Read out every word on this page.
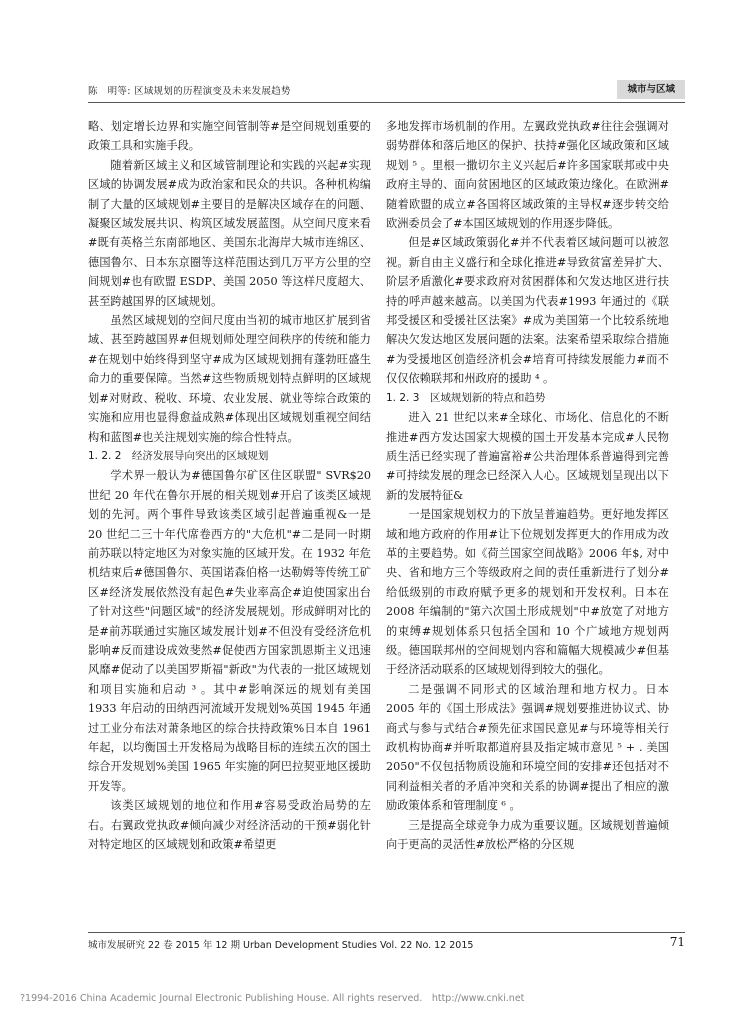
陈　明等: 区域规划的历程演变及未来发展趋势	城市与区域

略、划定增长边界和实施空间管制等#是空间规划重要的政策工具和实施手段。

随着新区域主义和区域管制理论和实践的兴起#实现区域的协调发展#成为政治家和民众的共识。各种机构编制了大量的区域规划#主要目的是解决区域存在的问题、凝聚区域发展共识、构筑区域发展蓝图。从空间尺度来看#既有英格兰东南部地区、美国东北海岸大城市连绵区、德国鲁尔、日本东京圈等这样范围达到几万平方公里的空间规划#也有欧盟 ESDP、美国 2050 等这样尺度超大、甚至跨越国界的区域规划。

虽然区域规划的空间尺度由当初的城市地区扩展到省域、甚至跨越国界#但规划师处理空间秩序的传统和能力#在规划中始终得到坚守#成为区域规划拥有蓬勃旺盛生命力的重要保障。当然#这些物质规划特点鲜明的区域规划#对财政、税收、环境、农业发展、就业等综合政策的实施和应用也显得愈益成熟#体现出区域规划重视空间结构和蓝图#也关注规划实施的综合性特点。

1. 2. 2　经济发展导向突出的区域规划

学术界一般认为#德国鲁尔矿区住区联盟" SVR$20 世纪 20 年代在鲁尔开展的相关规划#开启了该类区域规划的先河。两个事件导致该类区域引起普遍重视&一是 20 世纪二三十年代席卷西方的"大危机"#二是同一时期前苏联以特定地区为对象实施的区域开发。在 1932 年危机结束后#德国鲁尔、英国诺森伯格一达勒姆等传统工矿区#经济发展依然没有起色#失业率高企#迫使国家出台了针对这些"问题区域"的经济发展规划。形成鲜明对比的是#前苏联通过实施区域发展计划#不但没有受经济危机影响#反而建设成效斐然#促使西方国家凯恩斯主义迅速风靡#促动了以美国罗斯福"新政"为代表的一批区域规划和项目实施和启动 ³ 。其中#影响深远的规划有美国 1933 年启动的田纳西河流域开发规划%英国 1945 年通过工业分布法对萧条地区的综合扶持政策%日本自 1961 年起，以均衡国土开发格局为战略目标的连续五次的国土综合开发规划%美国 1965 年实施的阿巴拉契亚地区援助开发等。

该类区域规划的地位和作用#容易受政治局势的左右。右翼政党执政#倾向减少对经济活动的干预#弱化针对特定地区的区域规划和政策#希望更

多地发挥市场机制的作用。左翼政党执政#往往会强调对弱势群体和落后地区的保护、扶持#强化区域政策和区域规划 ⁵ 。里根一撒切尔主义兴起后#许多国家联邦或中央政府主导的、面向贫困地区的区域政策边缘化。在欧洲#随着欧盟的成立#各国将区域政策的主导权#逐步转交给欧洲委员会了#本国区域规划的作用逐步降低。

但是#区域政策弱化#并不代表着区域问题可以被忽视。新自由主义盛行和全球化推进#导致贫富差异扩大、阶层矛盾激化#要求政府对贫困群体和欠发达地区进行扶持的呼声越来越高。以美国为代表#1993 年通过的《联邦受援区和受援社区法案》#成为美国第一个比较系统地解决欠发达地区发展问题的法案。法案希望采取综合措施#为受援地区创造经济机会#培育可持续发展能力#而不仅仅依赖联邦和州政府的援助 ⁴ 。

1. 2. 3　区域规划新的特点和趋势

进入 21 世纪以来#全球化、市场化、信息化的不断推进#西方发达国家大规模的国土开发基本完成#人民物质生活已经实现了普遍富裕#公共治理体系普遍得到完善#可持续发展的理念已经深入人心。区域规划呈现出以下新的发展特征&

一是国家规划权力的下放呈普遍趋势。更好地发挥区域和地方政府的作用#让下位规划发挥更大的作用成为改革的主要趋势。如《荷兰国家空间战略》2006 年$, 对中央、省和地方三个等级政府之间的责任重新进行了划分#给低级别的市政府赋予更多的规划和开发权利。日本在 2008 年编制的"第六次国土形成规划"中#放宽了对地方的束缚#规划体系只包括全国和 10 个广域地方规划两级。德国联邦州的空间规划内容和篇幅大规模减少#但基于经济活动联系的区域规划得到较大的强化。

二是强调不同形式的区域治理和地方权力。日本 2005 年的《国土形成法》强调#规划要推进协议式、协商式与参与式结合#预先征求国民意见#与环境等相关行政机构协商#并听取都道府县及指定城市意见 ⁵ + . 美国 2050"不仅包括物质设施和环境空间的安排#还包括对不同利益相关者的矛盾冲突和关系的协调#提出了相应的激励政策体系和管理制度 ⁶ 。

三是提高全球竞争力成为重要议题。区域规划普遍倾向于更高的灵活性#放松严格的分区规

城市发展研究 22 卷 2015 年 12 期 Urban Development Studies Vol. 22 No. 12 2015	71
?1994-2016 China Academic Journal Electronic Publishing House. All rights reserved.　http://www.cnki.net
